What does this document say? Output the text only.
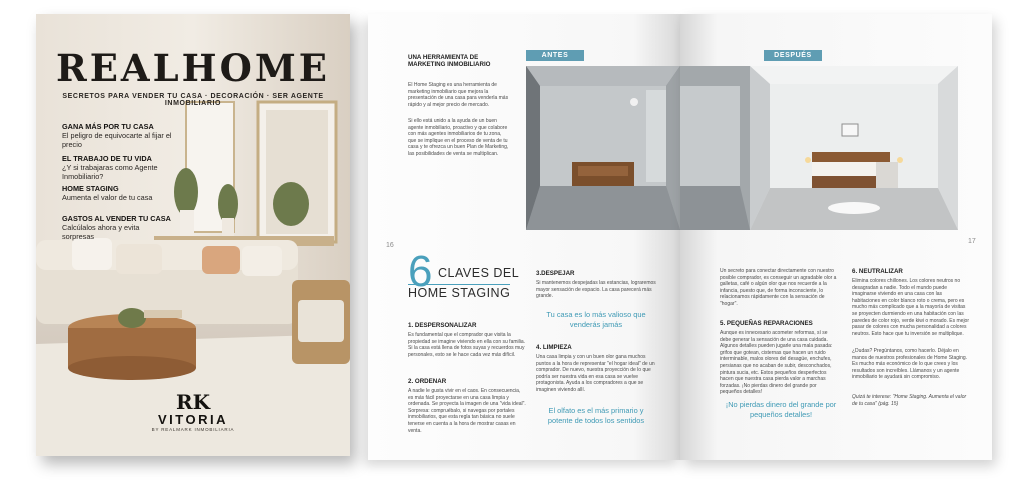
REALHOME
SECRETOS PARA VENDER TU CASA · DECORACIÓN · SER AGENTE INMOBILIARIO
GANA MÁS POR TU CASA
El peligro de equivocarte al fijar el precio
EL TRABAJO DE TU VIDA
¿Y si trabajaras como Agente Inmobiliario?
HOME STAGING
Aumenta el valor de tu casa
GASTOS AL VENDER TU CASA
Calcúlalos ahora y evita sorpresas
RK
VITORIA
BY REALMARK INMOBILIARIA
UNA HERRAMIENTA DE MARKETING INMOBILIARIO
El Home Staging es una herramienta de marketing inmobiliario que mejora la presentación de una casa para venderla más rápido y al mejor precio de mercado.
Si ello está unido a la ayuda de un buen agente inmobiliario, proactivo y que colabore con más agentes inmobiliarios de tu zona, que se implique en el proceso de venta de tu casa y te ofrezca un buen Plan de Marketing, las posibilidades de venta se multiplican.
ANTES
16
6 CLAVES DEL
HOME STAGING
1. DESPERSONALIZAR
Es fundamental que el comprador que visita la propiedad se imagine viviendo en ella con su familia. Si la casa está llena de fotos suyas y recuerdos muy personales, esto se le hace cada vez más difícil.
2. ORDENAR
A nadie le gusta vivir en el caos. En consecuencia, es más fácil proyectarse en una casa limpia y ordenada. Se proyecta la imagen de una "vida ideal". Sorpresa: compruébalo, si navegas por portales inmobiliarios, que esta regla tan básica no suele tenerse en cuenta a la hora de mostrar casas en venta.
3.DESPEJAR
Si mantenemos despejadas las estancias, lograremos mayor sensación de espacio. La casa parecerá más grande.
Tu casa es lo más valioso que venderás jamás
4. LIMPIEZA
Una casa limpia y con un buen olor gana muchos puntos a la hora de representar "el hogar ideal" de un comprador. De nuevo, nuestra proyección de lo que podría ser nuestra vida en esa casa se vuelve protagonista. Ayuda a los compradores a que se imaginen viviendo allí.
El olfato es el más primario y potente de todos los sentidos
DESPUÉS
17
Un secreto para conectar directamente con nuestro posible comprador, es conseguir un agradable olor a galletas, café o algún olor que nos recuerde a la infancia, puesto que, de forma inconsciente, lo relacionamos rápidamente con la sensación de "hogar".
5. PEQUEÑAS REPARACIONES
Aunque es innecesario acometer reformas, sí se debe generar la sensación de una casa cuidada. Algunos detalles pueden jugarle una mala pasada: grifos que gotean, cisternas que hacen un ruido interminable, malos olores del desagüe, enchufes, persianas que no acaban de subir, desconchados, pintura sucia, etc. Estos pequeños desperfectos hacen que nuestra casa pierda valor a marchas forzadas. ¡No pierdas dinero del grande por pequeños detalles!
¡No pierdas dinero del grande por pequeños detalles!
6. NEUTRALIZAR
Elimina colores chillones. Los colores neutros no desagradan a nadie. Todo el mundo puede imaginarse viviendo en una casa con las habitaciones en color blanco roto o crema, pero es mucho más complicado que a la mayoría de visitas se proyecten durmiendo en una habitación con las paredes de color rojo, verde kiwi o morado. Es mejor pasar de colores con mucha personalidad a colores neutros. Esto hace que tu inversión se multiplique.
¿Dudas? Pregúntanos, como hacerlo. Déjalo en manos de nuestros profesionales de Home Staging. Es mucho más económico de lo que crees y los resultados son increíbles. Llámanos y un agente inmobiliario te ayudará sin compromiso.
Quizá te interese: "Home Staging. Aumenta el valor de tu casa" (pág. 15)
